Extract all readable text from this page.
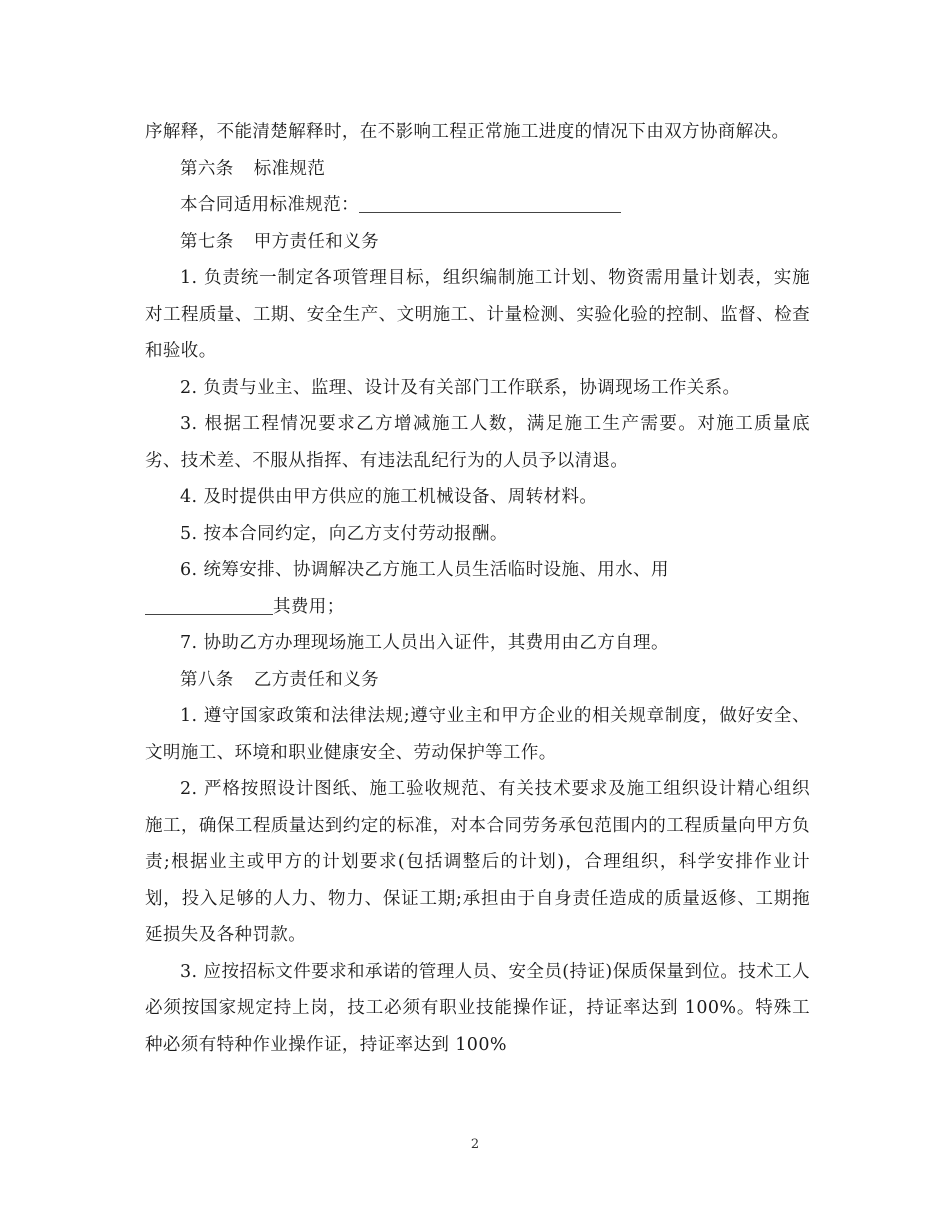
序解释，不能清楚解释时，在不影响工程正常施工进度的情况下由双方协商解决。

第六条 标准规范

本合同适用标准规范：

第七条 甲方责任和义务

1. 负责统一制定各项管理目标，组织编制施工计划、物资需用量计划表，实施对工程质量、工期、安全生产、文明施工、计量检测、实验化验的控制、监督、检查和验收。

2. 负责与业主、监理、设计及有关部门工作联系，协调现场工作关系。

3. 根据工程情况要求乙方增减施工人数，满足施工生产需要。对施工质量底劣、技术差、不服从指挥、有违法乱纪行为的人员予以清退。

4. 及时提供由甲方供应的施工机械设备、周转材料。

5. 按本合同约定，向乙方支付劳动报酬。

6. 统筹安排、协调解决乙方施工人员生活临时设施、用水、用

其费用；

7. 协助乙方办理现场施工人员出入证件，其费用由乙方自理。

第八条 乙方责任和义务

1. 遵守国家政策和法律法规;遵守业主和甲方企业的相关规章制度，做好安全、文明施工、环境和职业健康安全、劳动保护等工作。

2. 严格按照设计图纸、施工验收规范、有关技术要求及施工组织设计精心组织施工，确保工程质量达到约定的标准，对本合同劳务承包范围内的工程质量向甲方负责;根据业主或甲方的计划要求(包括调整后的计划)，合理组织，科学安排作业计划，投入足够的人力、物力、保证工期;承担由于自身责任造成的质量返修、工期拖延损失及各种罚款。

3. 应按招标文件要求和承诺的管理人员、安全员(持证)保质保量到位。技术工人必须按国家规定持上岗，技工必须有职业技能操作证，持证率达到 100%。特殊工种必须有特种作业操作证，持证率达到 100%

2
